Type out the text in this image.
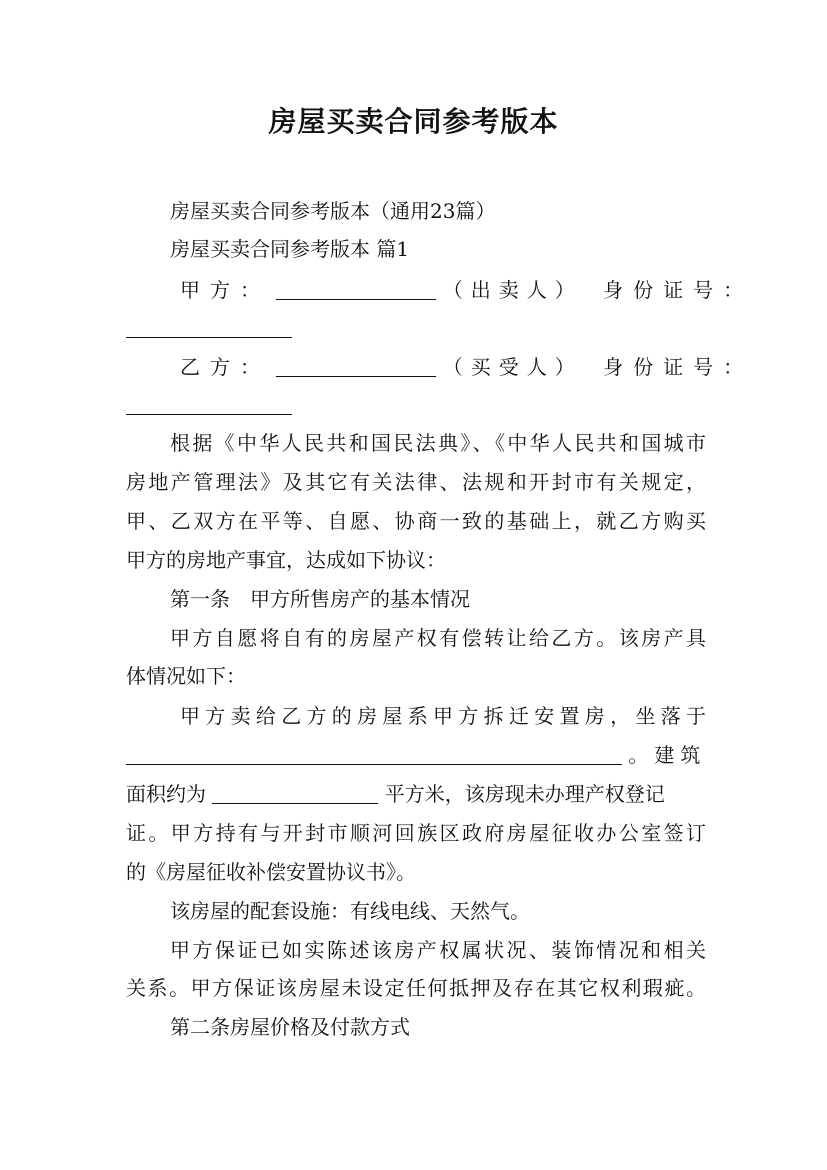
房屋买卖合同参考版本
房屋买卖合同参考版本（通用23篇）
房屋买卖合同参考版本 篇1
甲方：	（出卖人） 身份证号：
乙方：	（买受人） 身份证号：
根据《中华人民共和国民法典》、《中华人民共和国城市
房地产管理法》及其它有关法律、法规和开封市有关规定，
甲、乙双方在平等、自愿、协商一致的基础上，就乙方购买
甲方的房地产事宜，达成如下协议：
第一条　甲方所售房产的基本情况
甲方自愿将自有的房屋产权有偿转让给乙方。该房产具
体情况如下：
甲方卖给乙方的房屋系甲方拆迁安置房，坐落于
。建筑
面积约为	平方米，该房现未办理产权登记
证。甲方持有与开封市顺河回族区政府房屋征收办公室签订
的《房屋征收补偿安置协议书》。
该房屋的配套设施：有线电线、天然气。
甲方保证已如实陈述该房产权属状况、装饰情况和相关
关系。甲方保证该房屋未设定任何抵押及存在其它权利瑕疵。
第二条房屋价格及付款方式
